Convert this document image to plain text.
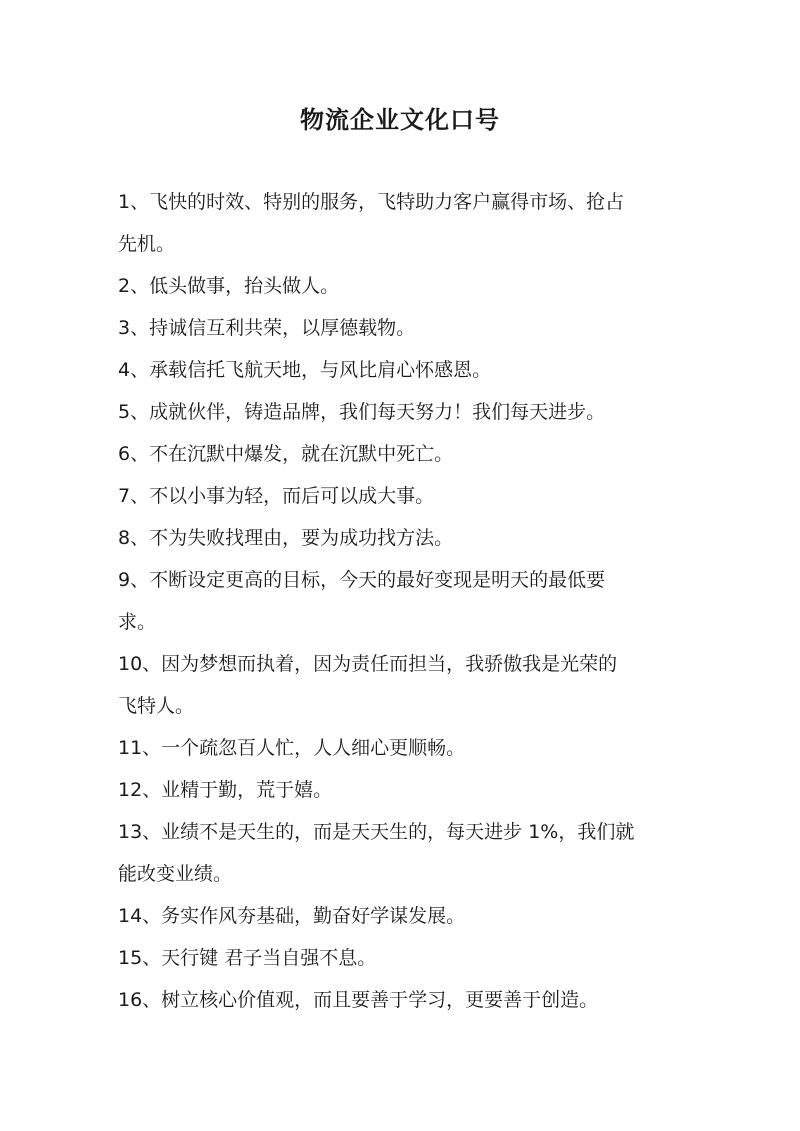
物流企业文化口号
1、飞快的时效、特别的服务，飞特助力客户赢得市场、抢占
先机。
2、低头做事，抬头做人。
3、持诚信互利共荣，以厚德载物。
4、承载信托飞航天地，与风比肩心怀感恩。
5、成就伙伴，铸造品牌，我们每天努力！我们每天进步。
6、不在沉默中爆发，就在沉默中死亡。
7、不以小事为轻，而后可以成大事。
8、不为失败找理由，要为成功找方法。
9、不断设定更高的目标，今天的最好变现是明天的最低要
求。
10、因为梦想而执着，因为责任而担当，我骄傲我是光荣的
飞特人。
11、一个疏忽百人忙，人人细心更顺畅。
12、业精于勤，荒于嬉。
13、业绩不是天生的，而是天天生的，每天进步 1%，我们就
能改变业绩。
14、务实作风夯基础，勤奋好学谋发展。
15、天行键 君子当自强不息。
16、树立核心价值观，而且要善于学习，更要善于创造。
